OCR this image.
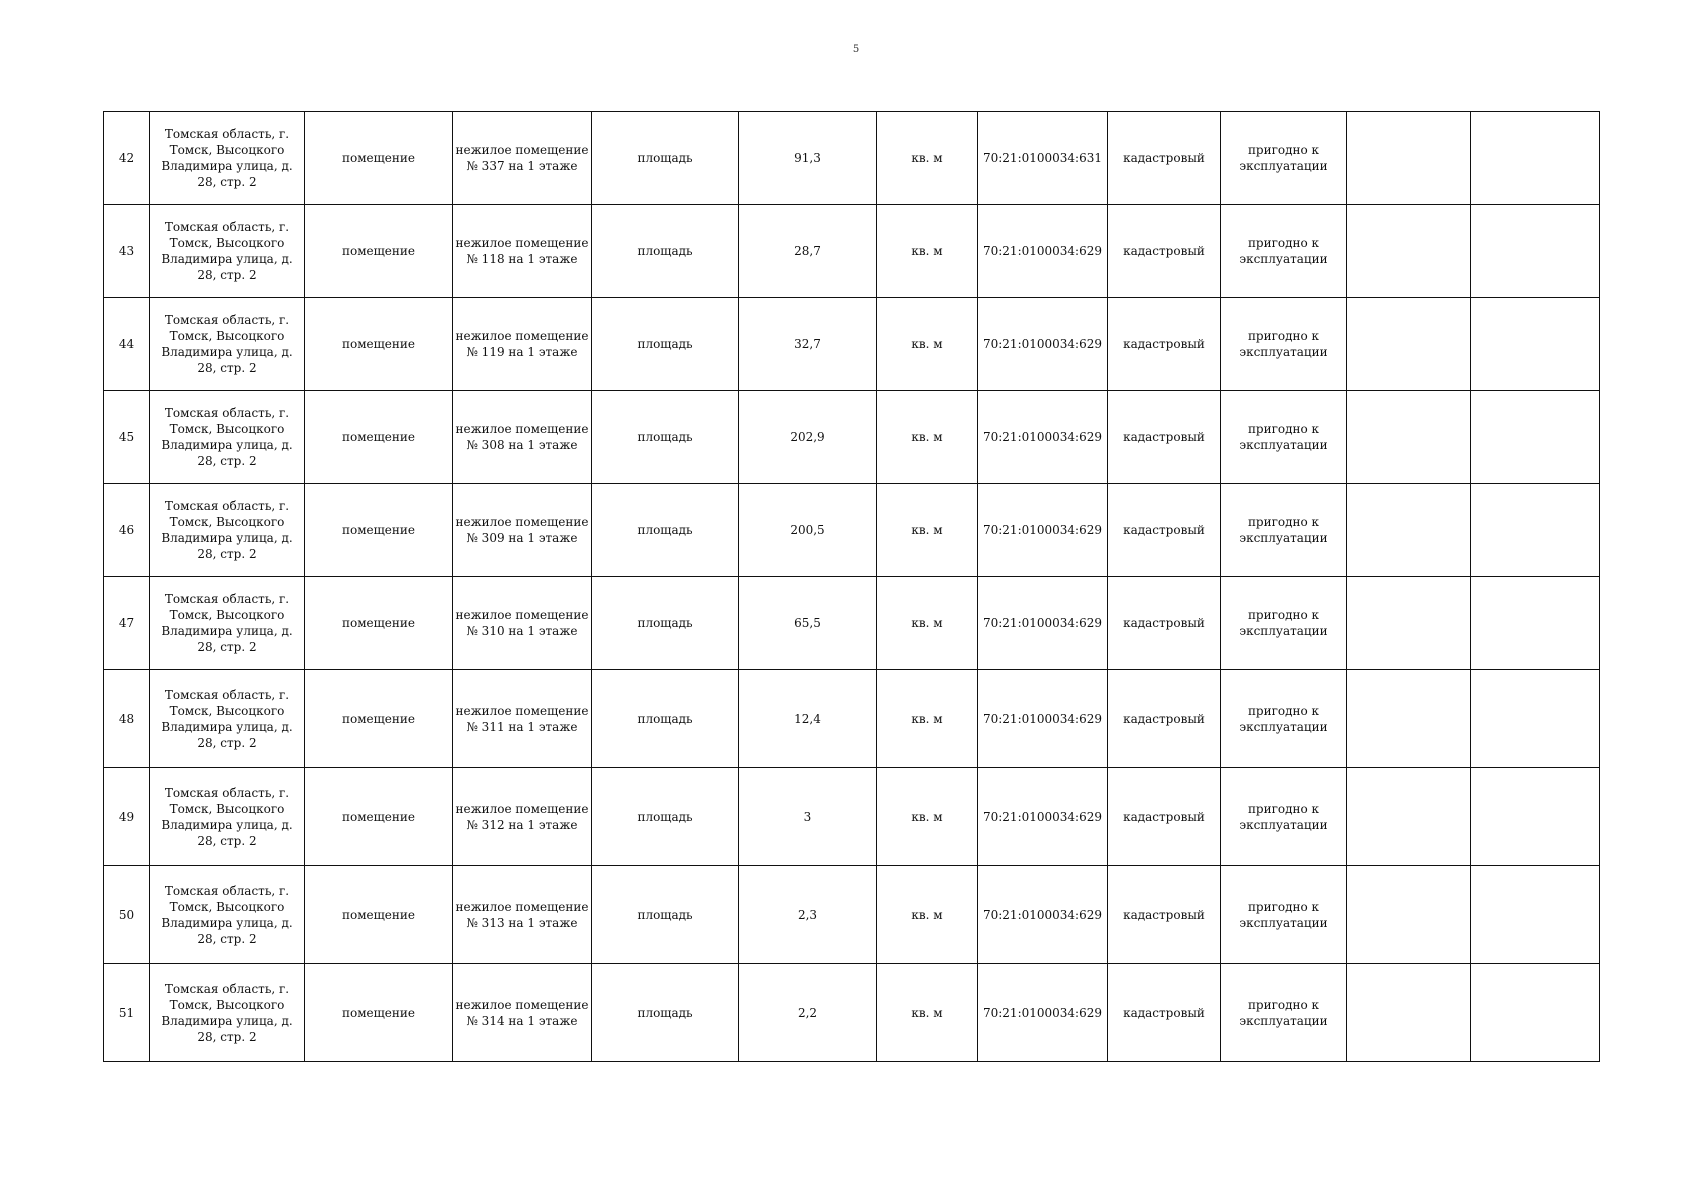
5
42	Томская область, г. Томск, Высоцкого Владимира улица, д. 28, стр. 2	помещение	нежилое помещение № 337 на 1 этаже	площадь	91,3	кв. м	70:21:0100034:631	кадастровый	пригодно к эксплуатации		
43	Томская область, г. Томск, Высоцкого Владимира улица, д. 28, стр. 2	помещение	нежилое помещение № 118 на 1 этаже	площадь	28,7	кв. м	70:21:0100034:629	кадастровый	пригодно к эксплуатации		
44	Томская область, г. Томск, Высоцкого Владимира улица, д. 28, стр. 2	помещение	нежилое помещение № 119 на 1 этаже	площадь	32,7	кв. м	70:21:0100034:629	кадастровый	пригодно к эксплуатации		
45	Томская область, г. Томск, Высоцкого Владимира улица, д. 28, стр. 2	помещение	нежилое помещение № 308 на 1 этаже	площадь	202,9	кв. м	70:21:0100034:629	кадастровый	пригодно к эксплуатации		
46	Томская область, г. Томск, Высоцкого Владимира улица, д. 28, стр. 2	помещение	нежилое помещение № 309 на 1 этаже	площадь	200,5	кв. м	70:21:0100034:629	кадастровый	пригодно к эксплуатации		
47	Томская область, г. Томск, Высоцкого Владимира улица, д. 28, стр. 2	помещение	нежилое помещение № 310 на 1 этаже	площадь	65,5	кв. м	70:21:0100034:629	кадастровый	пригодно к эксплуатации		
48	Томская область, г. Томск, Высоцкого Владимира улица, д. 28, стр. 2	помещение	нежилое помещение № 311 на 1 этаже	площадь	12,4	кв. м	70:21:0100034:629	кадастровый	пригодно к эксплуатации		
49	Томская область, г. Томск, Высоцкого Владимира улица, д. 28, стр. 2	помещение	нежилое помещение № 312 на 1 этаже	площадь	3	кв. м	70:21:0100034:629	кадастровый	пригодно к эксплуатации		
50	Томская область, г. Томск, Высоцкого Владимира улица, д. 28, стр. 2	помещение	нежилое помещение № 313 на 1 этаже	площадь	2,3	кв. м	70:21:0100034:629	кадастровый	пригодно к эксплуатации		
51	Томская область, г. Томск, Высоцкого Владимира улица, д. 28, стр. 2	помещение	нежилое помещение № 314 на 1 этаже	площадь	2,2	кв. м	70:21:0100034:629	кадастровый	пригодно к эксплуатации		
